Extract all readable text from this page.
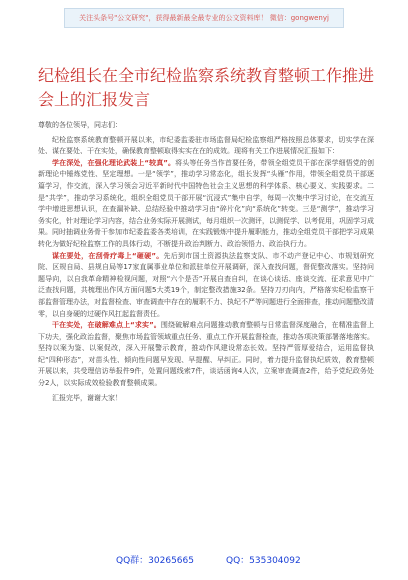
关注头条号"公文研究"，获得最新最全最专业的公文资料库！ 微信：gongwenyj
纪检组长在全市纪检监察系统教育整顿工作推进会上的汇报发言

尊敬的各位领导，同志们：

纪检监察系统教育整顿开展以来，市纪委监委驻市场监督局纪检监察组严格按照总体要求，切实学在深处、谋在要处、干在实处，确保教育整顿取得实实在在的成效。现将有关工作进展情况汇报如下：

学在深处，在强化理论武装上“较真”。将头等任务当作首要任务，带领全组党员干部在深学细悟党的创新理论中锤炼党性、坚定理想。一是“领学”，推动学习常态化，组长发挥“头雁”作用，带领全组党员干部逐篇学习，作交流，深入学习领会习近平新时代中国特色社会主义思想的科学体系、核心要义、实践要求。二是“共学”，推动学习系统化，组织全组党员干部开展“沉浸式”集中自学，每周一次集中学习讨论，在交流互学中增进思想认识，在查漏补缺、总结经验中推动学习由“碎片化”向“系统化”转变。三是“测学”，推动学习务实化，针对理论学习内容，结合业务实际开展测试，每月组织一次测评，以测促学、以考促用，巩固学习成果。同时抽调业务骨干参加市纪委监委各类培训，在实践锻炼中提升履职能力，推动全组党员干部把学习成果转化为做好纪检监察工作的具体行动，不断提升政治判断力、政治领悟力、政治执行力。

谋在要处，在刮骨疗毒上“砸硬”。先后到市国土资源执法监察支队、市不动产登记中心、市规划研究院、区规自局、县规自局等17家直属事业单位和派驻单位开展调研，深入查找问题，督促整改落实。坚持问题导向，以自我革命精神检视问题，对照“六个是否”开展自查自纠，在谈心谈话、座谈交流、征求意见中广泛查找问题，共梳理出作风方面问题5大类19个，制定整改措施32条。坚持刀刃向内，严格落实纪检监察干部监督管理办法，对监督检查、审查调查中存在的履职不力、执纪不严等问题进行全面排查，推动问题整改清零，以自身硬的过硬作风扛起监督责任。

干在实处，在破解难点上“求实”。围绕破解难点问题推动教育整顿与日常监督深度融合，在精准监督上下功夫，强化政治监督，聚焦市场监管领域重点任务、重点工作开展监督检查，推动各项决策部署落地落实。坚持以案为鉴、以案促改，深入开展警示教育，推动作风建设常态长效。坚持严管厚爱结合，运用监督执纪“四种形态”，对苗头性、倾向性问题早发现、早提醒、早纠正。同时，着力提升监督执纪质效，教育整顿开展以来，共受理信访举报件9件，处置问题线索7件，谈话函询4人次，立案审查调查2件，给予党纪政务处分2人，以实际成效检验教育整顿成果。

汇报完毕，谢谢大家！

QQ群：30265665	QQ：535304092
